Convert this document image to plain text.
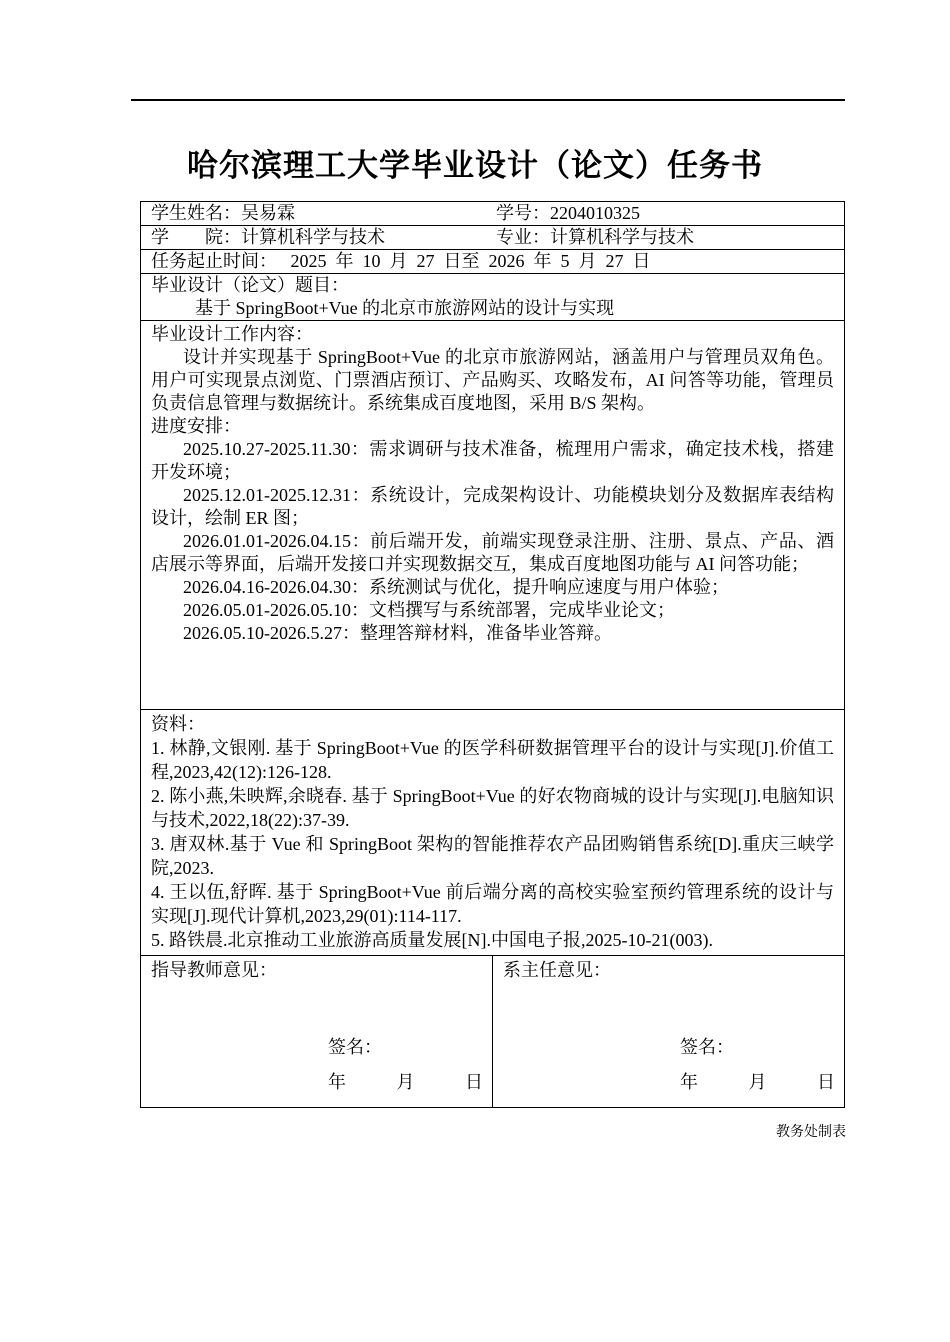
哈尔滨理工大学毕业设计（论文）任务书
学生姓名：吴易霖	学号：2204010325
学　　院：计算机科学与技术	专业：计算机科学与技术
任务起止时间：   2025  年  10  月  27  日至  2026  年  5  月  27  日
毕业设计（论文）题目：
基于 SpringBoot+Vue 的北京市旅游网站的设计与实现
毕业设计工作内容：
设计并实现基于 SpringBoot+Vue 的北京市旅游网站，涵盖用户与管理员双角色。用户可实现景点浏览、门票酒店预订、产品购买、攻略发布，AI 问答等功能，管理员负责信息管理与数据统计。系统集成百度地图，采用 B/S 架构。
进度安排：
2025.10.27-2025.11.30：需求调研与技术准备，梳理用户需求，确定技术栈，搭建开发环境；
2025.12.01-2025.12.31：系统设计，完成架构设计、功能模块划分及数据库表结构设计，绘制 ER 图；
2026.01.01-2026.04.15：前后端开发，前端实现登录注册、注册、景点、产品、酒店展示等界面，后端开发接口并实现数据交互，集成百度地图功能与 AI 问答功能；
2026.04.16-2026.04.30：系统测试与优化，提升响应速度与用户体验；
2026.05.01-2026.05.10：文档撰写与系统部署，完成毕业论文；
2026.05.10-2026.5.27：整理答辩材料，准备毕业答辩。
资料：
1. 林静,文银刚. 基于 SpringBoot+Vue 的医学科研数据管理平台的设计与实现[J].价值工程,2023,42(12):126-128.
2. 陈小燕,朱映辉,余晓春. 基于 SpringBoot+Vue 的好农物商城的设计与实现[J].电脑知识与技术,2022,18(22):37-39.
3. 唐双林.基于 Vue 和 SpringBoot 架构的智能推荐农产品团购销售系统[D].重庆三峡学院,2023.
4. 王以伍,舒晖. 基于 SpringBoot+Vue 前后端分离的高校实验室预约管理系统的设计与实现[J].现代计算机,2023,29(01):114-117.
5. 路铁晨.北京推动工业旅游高质量发展[N].中国电子报,2025-10-21(003).
指导教师意见：
签名：
年	月	日
系主任意见：
签名：
年	月	日
教务处制表
